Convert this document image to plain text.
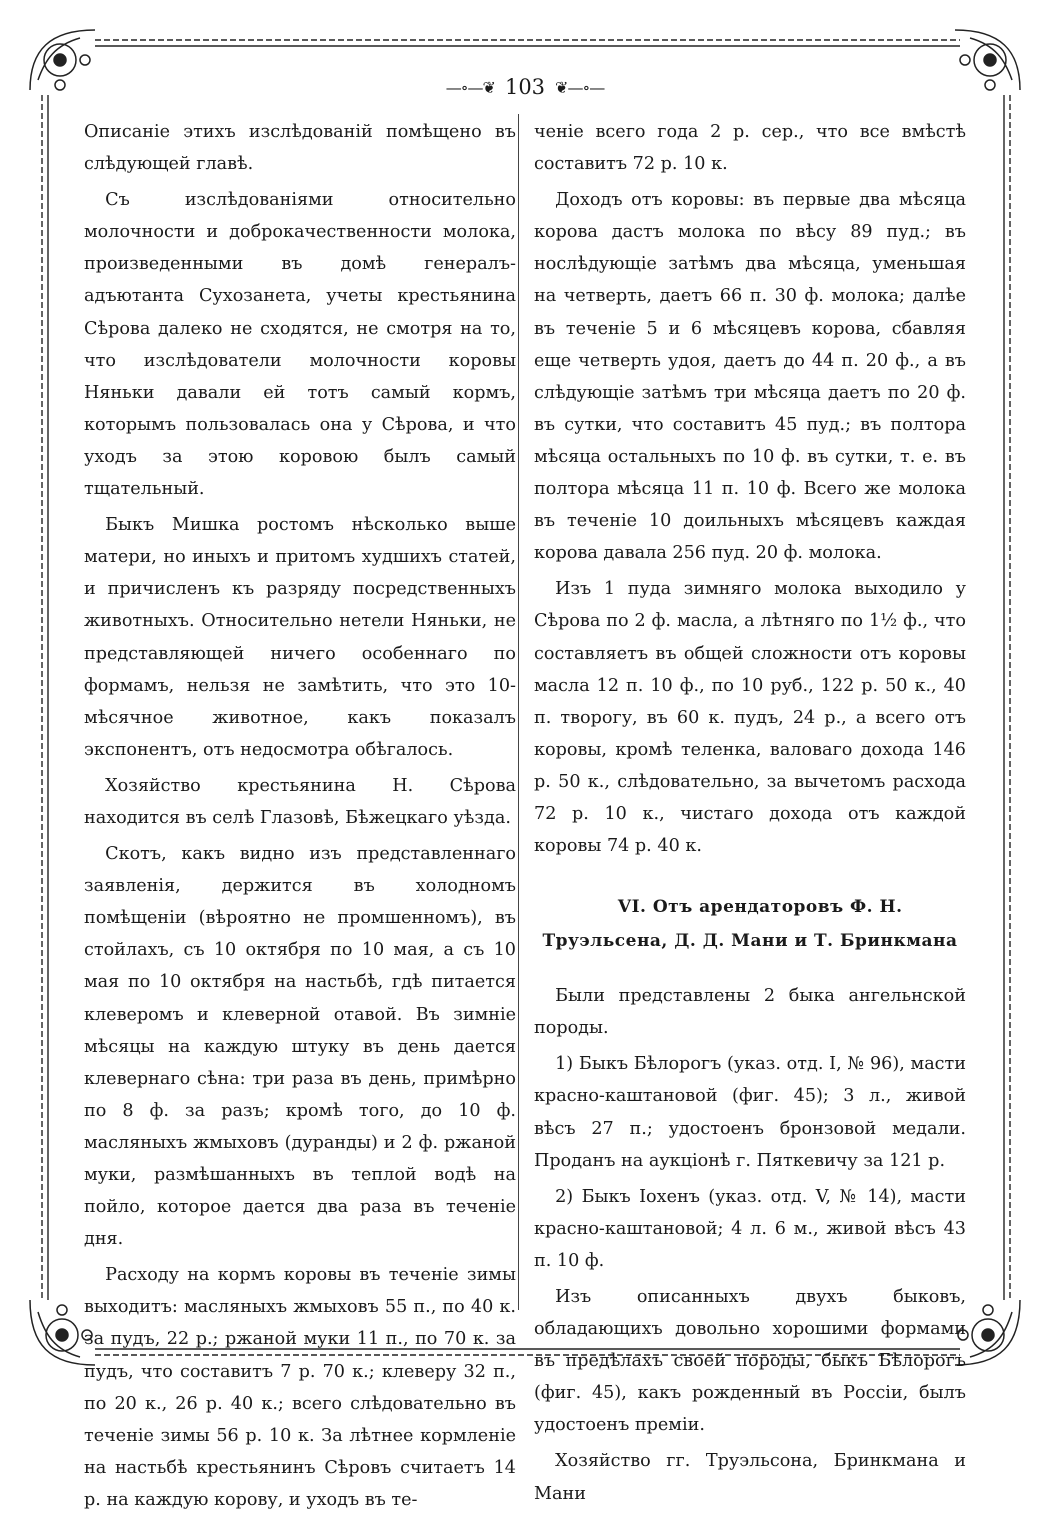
—∘—❦ 103 ❦—∘—

Описаніе этихъ изслѣдованій помѣщено въ слѣдующей главѣ.

Съ изслѣдованіями относительно молочности и доброкачественности молока, произведенными въ домѣ генералъ-адъютанта Сухозанета, учеты крестьянина Сѣрова далеко не сходятся, не смотря на то, что изслѣдователи молочности коровы Няньки давали ей тотъ самый кормъ, которымъ пользовалась она у Сѣрова, и что уходъ за этою коровою былъ самый тщательный.

Быкъ Мишка ростомъ нѣсколько выше матери, но иныхъ и притомъ худшихъ статей, и причисленъ къ разряду посредственныхъ животныхъ. Относительно нетели Няньки, не представляющей ничего особеннаго по формамъ, нельзя не замѣтить, что это 10-мѣсячное животное, какъ показалъ экспонентъ, отъ недосмотра обѣгалось.

Хозяйство крестьянина Н. Сѣрова находится въ селѣ Глазовѣ, Бѣжецкаго уѣзда.

Скотъ, какъ видно изъ представленнаго заявленія, держится въ холодномъ помѣщеніи (вѣроятно не промшенномъ), въ стойлахъ, съ 10 октября по 10 мая, а съ 10 мая по 10 октября на настьбѣ, гдѣ питается клеверомъ и клеверной отавой. Въ зимніе мѣсяцы на каждую штуку въ день дается клевернаго сѣна: три раза въ день, примѣрно по 8 ф. за разъ; кромѣ того, до 10 ф. масляныхъ жмыховъ (дуранды) и 2 ф. ржаной муки, размѣшанныхъ въ теплой водѣ на пойло, которое дается два раза въ теченіе дня.

Расходу на кормъ коровы въ теченіе зимы выходитъ: масляныхъ жмыховъ 55 п., по 40 к. за пудъ, 22 р.; ржаной муки 11 п., по 70 к. за пудъ, что составитъ 7 р. 70 к.; клеверу 32 п., по 20 к., 26 р. 40 к.; всего слѣдовательно въ теченіе зимы 56 р. 10 к. За лѣтнее кормленіе на настьбѣ крестьянинъ Сѣровъ считаетъ 14 р. на каждую корову, и уходъ въ те-

ченіе всего года 2 р. сер., что все вмѣстѣ составитъ 72 р. 10 к.

Доходъ отъ коровы: въ первые два мѣсяца корова дастъ молока по вѣсу 89 пуд.; въ нослѣдующіе затѣмъ два мѣсяца, уменьшая на четверть, даетъ 66 п. 30 ф. молока; далѣе въ теченіе 5 и 6 мѣсяцевъ корова, сбавляя еще четверть удоя, даетъ до 44 п. 20 ф., а въ слѣдующіе затѣмъ три мѣсяца даетъ по 20 ф. въ сутки, что составитъ 45 пуд.; въ полтора мѣсяца остальныхъ по 10 ф. въ сутки, т. е. въ полтора мѣсяца 11 п. 10 ф. Всего же молока въ теченіе 10 доильныхъ мѣсяцевъ каждая корова давала 256 пуд. 20 ф. молока.

Изъ 1 пуда зимняго молока выходило у Сѣрова по 2 ф. масла, а лѣтняго по 1½ ф., что составляетъ въ общей сложности отъ коровы масла 12 п. 10 ф., по 10 руб., 122 р. 50 к., 40 п. творогу, въ 60 к. пудъ, 24 р., а всего отъ коровы, кромѣ теленка, валоваго дохода 146 р. 50 к., слѣдовательно, за вычетомъ расхода 72 р. 10 к., чистаго дохода отъ каждой коровы 74 р. 40 к.

VI. Отъ арендаторовъ Ф. Н. Труэльсена, Д. Д. Мани и Т. Бринкмана

Были представлены 2 быка ангельнской породы.

1) Быкъ Бѣлорогъ (указ. отд. I, № 96), масти красно-каштановой (фиг. 45); 3 л., живой вѣсъ 27 п.; удостоенъ бронзовой медали. Проданъ на аукціонѣ г. Пяткевичу за 121 р.

2) Быкъ Іохенъ (указ. отд. V, № 14), масти красно-каштановой; 4 л. 6 м., живой вѣсъ 43 п. 10 ф.

Изъ описанныхъ двухъ быковъ, обладающихъ довольно хорошими формами въ предѣлахъ своей породы, быкъ Бѣлорогъ (фиг. 45), какъ рожденный въ Россіи, былъ удостоенъ преміи.

Хозяйство гг. Труэльсона, Бринкмана и Мани
